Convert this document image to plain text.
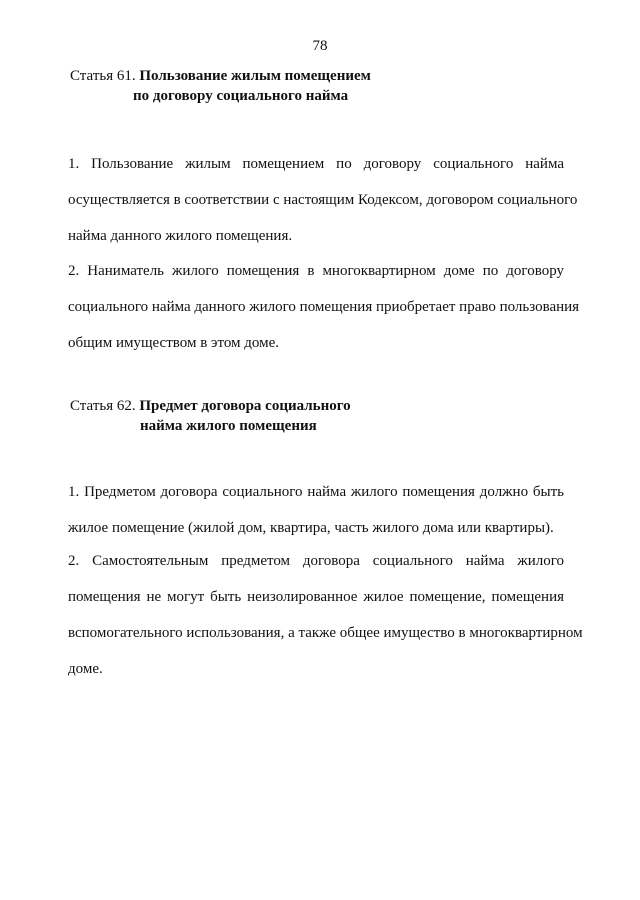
78
Статья 61. Пользование жилым помещением
по договору социального найма
1. Пользование жилым помещением по договору социального найма
осуществляется в соответствии с настоящим Кодексом, договором социального
найма данного жилого помещения.
2. Наниматель жилого помещения в многоквартирном доме по договору
социального найма данного жилого помещения приобретает право пользования
общим имуществом в этом доме.
Статья 62. Предмет договора социального
найма жилого помещения
1. Предметом договора социального найма жилого помещения должно быть
жилое помещение (жилой дом, квартира, часть жилого дома или квартиры).
2. Самостоятельным предметом договора социального найма жилого
помещения не могут быть неизолированное жилое помещение, помещения
вспомогательного использования, а также общее имущество в многоквартирном
доме.
